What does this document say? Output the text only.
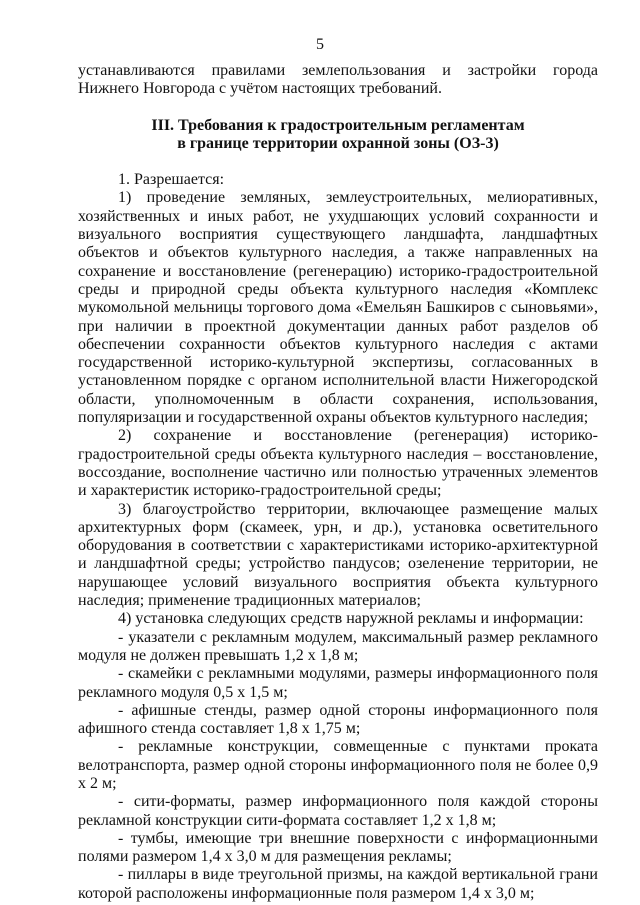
5

устанавливаются правилами землепользования и застройки города Нижнего Новгорода с учётом настоящих требований.

III. Требования к градостроительным регламентам

в границе территории охранной зоны (ОЗ-3)

1. Разрешается:

1) проведение земляных, землеустроительных, мелиоративных, хозяйственных и иных работ, не ухудшающих условий сохранности и визуального восприятия существующего ландшафта, ландшафтных объектов и объектов культурного наследия, а также направленных на сохранение и восстановление (регенерацию) историко-градостроительной среды и природной среды объекта культурного наследия «Комплекс мукомольной мельницы торгового дома «Емельян Башкиров с сыновьями», при наличии в проектной документации данных работ разделов об обеспечении сохранности объектов культурного наследия с актами государственной историко-культурной экспертизы, согласованных в установленном порядке с органом исполнительной власти Нижегородской области, уполномоченным в области сохранения, использования, популяризации и государственной охраны объектов культурного наследия;

2) сохранение и восстановление (регенерация) историко-градостроительной среды объекта культурного наследия – восстановление, воссоздание, восполнение частично или полностью утраченных элементов и характеристик историко-градостроительной среды;

3) благоустройство территории, включающее размещение малых архитектурных форм (скамеек, урн, и др.), установка осветительного оборудования в соответствии с характеристиками историко-архитектурной и ландшафтной среды; устройство пандусов; озеленение территории, не нарушающее условий визуального восприятия объекта культурного наследия; применение традиционных материалов;

4) установка следующих средств наружной рекламы и информации:

- указатели с рекламным модулем, максимальный размер рекламного модуля не должен превышать 1,2 х 1,8 м;

- скамейки с рекламными модулями, размеры информационного поля рекламного модуля 0,5 х 1,5 м;

- афишные стенды, размер одной стороны информационного поля афишного стенда составляет 1,8 х 1,75 м;

- рекламные конструкции, совмещенные с пунктами проката велотранспорта, размер одной стороны информационного поля не более 0,9 х 2 м;

- сити-форматы, размер информационного поля каждой стороны рекламной конструкции сити-формата составляет 1,2 х 1,8 м;

- тумбы, имеющие три внешние поверхности с информационными полями размером 1,4 х 3,0 м для размещения рекламы;

- пиллары в виде треугольной призмы, на каждой вертикальной грани которой расположены информационные поля размером 1,4 х 3,0 м;
